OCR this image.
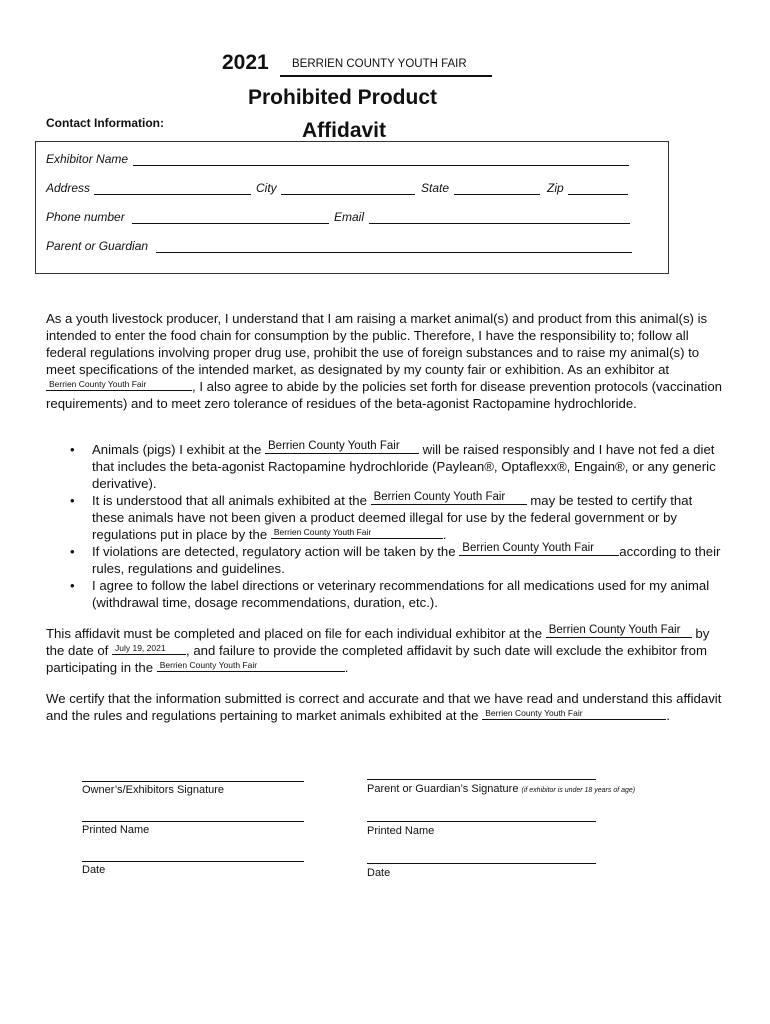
2021 BERRIEN COUNTY YOUTH FAIR
Prohibited Product
Affidavit
Contact Information:
Exhibitor Name
Address	City	State	Zip
Phone number	Email
Parent or Guardian
As a youth livestock producer, I understand that I am raising a market animal(s) and product from this animal(s) is intended to enter the food chain for consumption by the public. Therefore, I have the responsibility to; follow all federal regulations involving proper drug use, prohibit the use of foreign substances and to raise my animal(s) to meet specifications of the intended market, as designated by my county fair or exhibition. As an exhibitor at
Berrien County Youth Fair	, I also agree to abide by the policies set forth for disease prevention protocols (vaccination requirements) and to meet zero tolerance of residues of the beta-agonist Ractopamine hydrochloride.
• Animals (pigs) I exhibit at the Berrien County Youth Fair will be raised responsibly and I have not fed a diet that includes the beta-agonist Ractopamine hydrochloride (Paylean®, Optaflexx®, Engain®, or any generic derivative).
• It is understood that all animals exhibited at the Berrien County Youth Fair may be tested to certify that these animals have not been given a product deemed illegal for use by the federal government or by regulations put in place by the Berrien County Youth Fair	.
• If violations are detected, regulatory action will be taken by the Berrien County Youth Fair according to their rules, regulations and guidelines.
• I agree to follow the label directions or veterinary recommendations for all medications used for my animal (withdrawal time, dosage recommendations, duration, etc.).
This affidavit must be completed and placed on file for each individual exhibitor at the Berrien County Youth Fair by the date of July 19, 2021 , and failure to provide the completed affidavit by such date will exclude the exhibitor from participating in the Berrien County Youth Fair	.
We certify that the information submitted is correct and accurate and that we have read and understand this affidavit and the rules and regulations pertaining to market animals exhibited at the Berrien County Youth Fair	.
Owner’s/Exhibitors Signature	Parent or Guardian’s Signature (if exhibitor is under 18 years of age)
Printed Name	Printed Name
Date	Date
